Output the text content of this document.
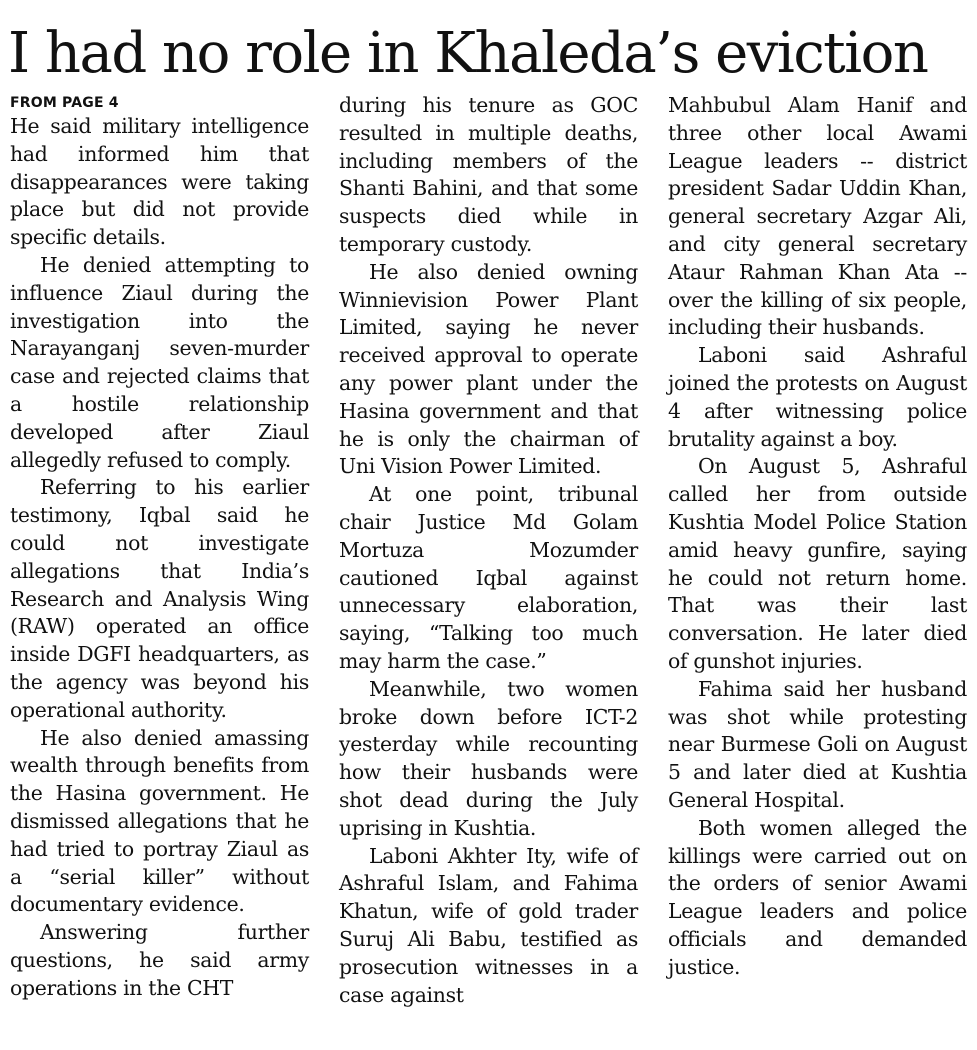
I had no role in Khaleda’s eviction
FROM PAGE 4

He said military intelligence had informed him that disappearances were taking place but did not provide specific details.

He denied attempting to influence Ziaul during the investigation into the Narayanganj seven-murder case and rejected claims that a hostile relationship developed after Ziaul allegedly refused to comply.

Referring to his earlier testimony, Iqbal said he could not investigate allegations that India’s Research and Analysis Wing (RAW) operated an office inside DGFI headquarters, as the agency was beyond his operational authority.

He also denied amassing wealth through benefits from the Hasina government. He dismissed allegations that he had tried to portray Ziaul as a “serial killer” without documentary evidence.

Answering further questions, he said army operations in the CHT

during his tenure as GOC resulted in multiple deaths, including members of the Shanti Bahini, and that some suspects died while in temporary custody.

He also denied owning Winnievision Power Plant Limited, saying he never received approval to operate any power plant under the Hasina government and that he is only the chairman of Uni Vision Power Limited.

At one point, tribunal chair Justice Md Golam Mortuza Mozumder cautioned Iqbal against unnecessary elaboration, saying, “Talking too much may harm the case.”

Meanwhile, two women broke down before ICT-2 yesterday while recounting how their husbands were shot dead during the July uprising in Kushtia.

Laboni Akhter Ity, wife of Ashraful Islam, and Fahima Khatun, wife of gold trader Suruj Ali Babu, testified as prosecution witnesses in a case against

Mahbubul Alam Hanif and three other local Awami League leaders -- district president Sadar Uddin Khan, general secretary Azgar Ali, and city general secretary Ataur Rahman Khan Ata -- over the killing of six people, including their husbands.

Laboni said Ashraful joined the protests on August 4 after witnessing police brutality against a boy.

On August 5, Ashraful called her from outside Kushtia Model Police Station amid heavy gunfire, saying he could not return home. That was their last conversation. He later died of gunshot injuries.

Fahima said her husband was shot while protesting near Burmese Goli on August 5 and later died at Kushtia General Hospital.

Both women alleged the killings were carried out on the orders of senior Awami League leaders and police officials and demanded justice.
